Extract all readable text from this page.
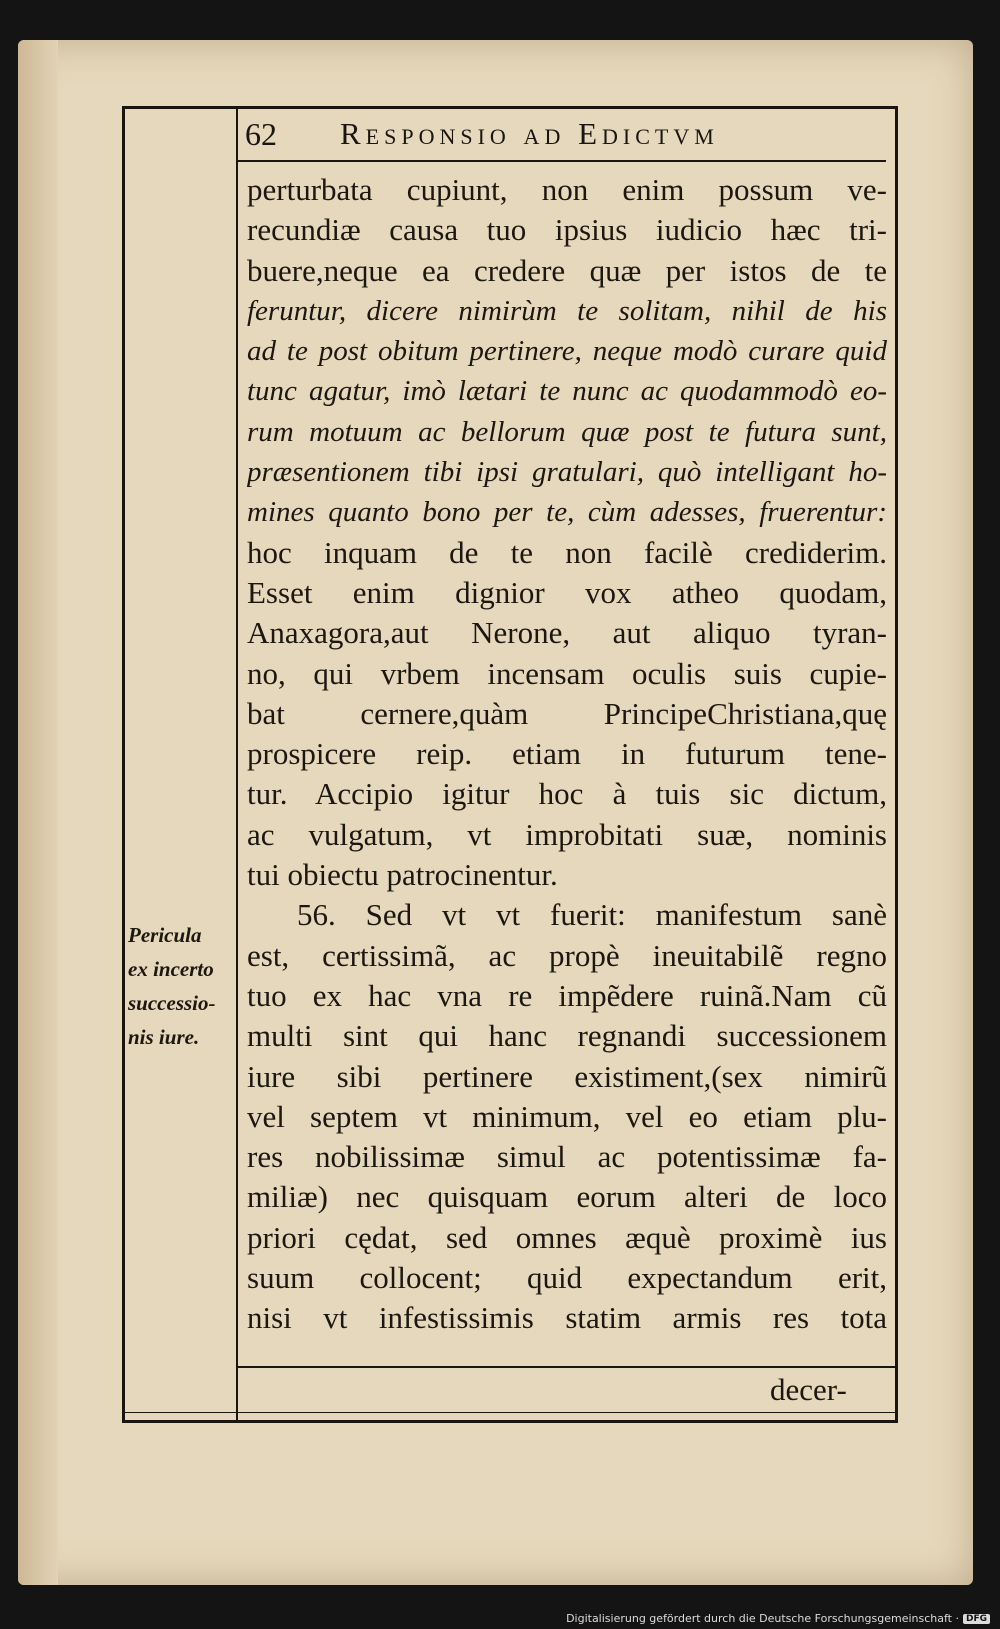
62 Responsio ad Edictvm
perturbata cupiunt, non enim possum ve-
recundiæ causa tuo ipsius iudicio hæc tri-
buere,neque ea credere quæ per istos de te
feruntur, dicere nimirùm te solitam, nihil de his
ad te post obitum pertinere, neque modò curare quid
tunc agatur, imò lætari te nunc ac quodammodò eo-
rum motuum ac bellorum quæ post te futura sunt,
præsentionem tibi ipsi gratulari, quò intelligant ho-
mines quanto bono per te, cùm adesses, fruerentur:
hoc inquam de te non facilè crediderim.
Esset enim dignior vox atheo quodam,
Anaxagora,aut Nerone, aut aliquo tyran-
no, qui vrbem incensam oculis suis cupie-
bat cernere,quàm PrincipeChristiana,quę
prospicere reip. etiam in futurum tene-
tur. Accipio igitur hoc à tuis sic dictum,
ac vulgatum, vt improbitati suæ, nominis
tui obiectu patrocinentur.
56. Sed vt vt fuerit: manifestum sanè
est, certissimã, ac propè ineuitabilẽ regno
tuo ex hac vna re impẽdere ruinã.Nam cũ
multi sint qui hanc regnandi successionem
iure sibi pertinere existiment,(sex nimirũ
vel septem vt minimum, vel eo etiam plu-
res nobilissimæ simul ac potentissimæ fa-
miliæ) nec quisquam eorum alteri de loco
priori cędat, sed omnes æquè proximè ius
suum collocent; quid expectandum erit,
nisi vt infestissimis statim armis res tota
Pericula
ex incerto
successio-
nis iure.
decer-
Digitalisierung gefördert durch die Deutsche Forschungsgemeinschaft · DFG
